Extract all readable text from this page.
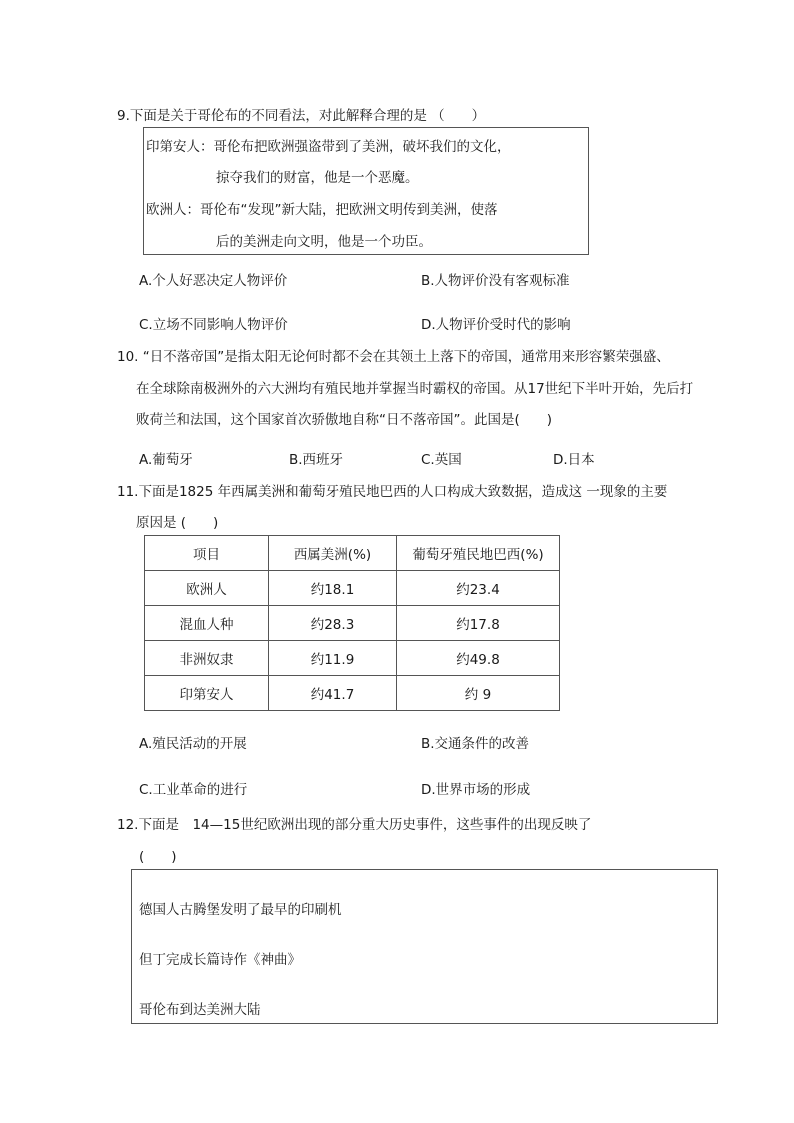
9.下面是关于哥伦布的不同看法，对此解释合理的是 （　　）
印第安人：哥伦布把欧洲强盗带到了美洲，破坏我们的文化，
掠夺我们的财富，他是一个恶魔。
欧洲人：哥伦布“发现”新大陆，把欧洲文明传到美洲，使落
后的美洲走向文明，他是一个功臣。
A.个人好恶决定人物评价	B.人物评价没有客观标准
C.立场不同影响人物评价	D.人物评价受时代的影响
10. “日不落帝国”是指太阳无论何时都不会在其领土上落下的帝国，通常用来形容繁荣强盛、
在全球除南极洲外的六大洲均有殖民地并掌握当时霸权的帝国。从17世纪下半叶开始，先后打
败荷兰和法国，这个国家首次骄傲地自称“日不落帝国”。此国是(　　)
A.葡萄牙	B.西班牙	C.英国	D.日本
11.下面是1825 年西属美洲和葡萄牙殖民地巴西的人口构成大致数据，造成这 一现象的主要
原因是 (　　)
项目	西属美洲(%)	葡萄牙殖民地巴西(%)
欧洲人	约18.1	约23.4
混血人种	约28.3	约17.8
非洲奴隶	约11.9	约49.8
印第安人	约41.7	约 9
A.殖民活动的开展	B.交通条件的改善
C.工业革命的进行	D.世界市场的形成
12.下面是　14—15世纪欧洲出现的部分重大历史事件，这些事件的出现反映了
(　　)
德国人古腾堡发明了最早的印刷机
但丁完成长篇诗作《神曲》
哥伦布到达美洲大陆
